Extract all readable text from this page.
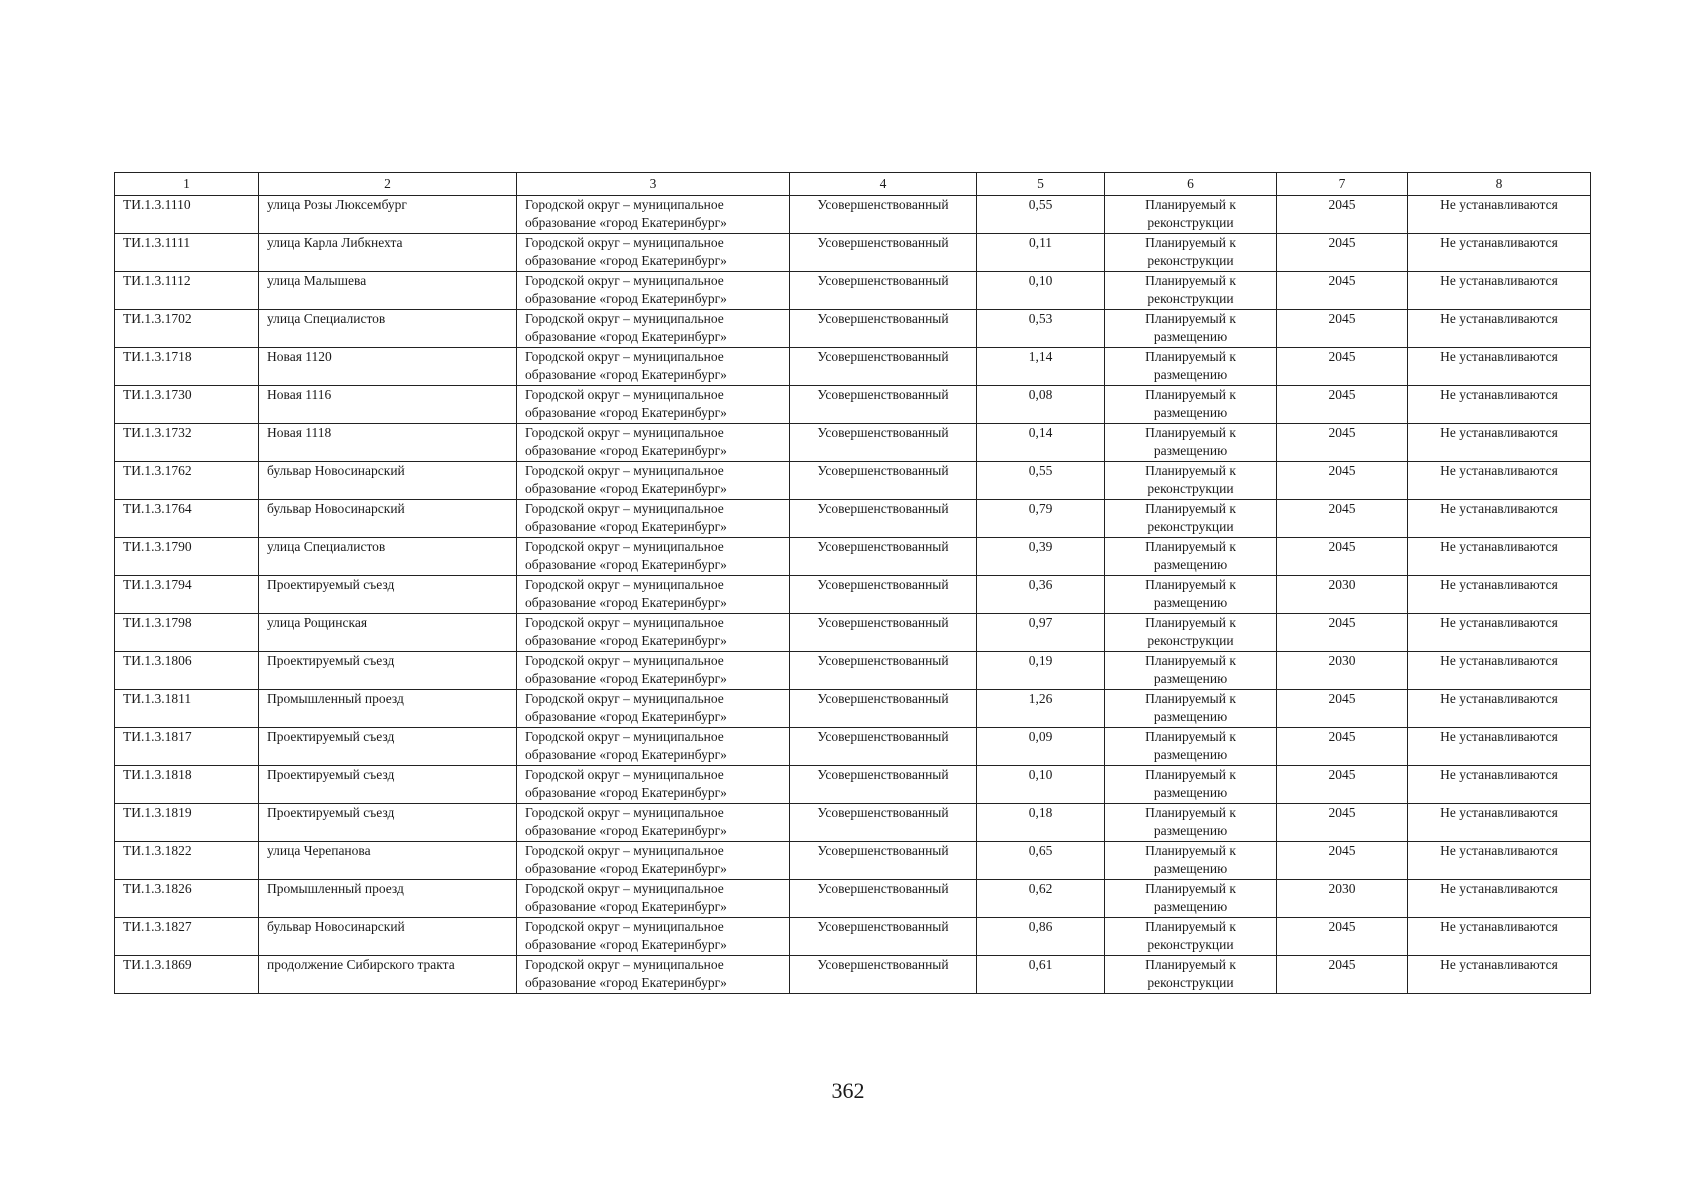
1	2	3	4	5	6	7	8
ТИ.1.3.1110	улица Розы Люксембург	Городской округ – муниципальное образование «город Екатеринбург»	Усовершенствованный	0,55	Планируемый к реконструкции	2045	Не устанавливаются
ТИ.1.3.1111	улица Карла Либкнехта	Городской округ – муниципальное образование «город Екатеринбург»	Усовершенствованный	0,11	Планируемый к реконструкции	2045	Не устанавливаются
ТИ.1.3.1112	улица Малышева	Городской округ – муниципальное образование «город Екатеринбург»	Усовершенствованный	0,10	Планируемый к реконструкции	2045	Не устанавливаются
ТИ.1.3.1702	улица Специалистов	Городской округ – муниципальное образование «город Екатеринбург»	Усовершенствованный	0,53	Планируемый к размещению	2045	Не устанавливаются
ТИ.1.3.1718	Новая 1120	Городской округ – муниципальное образование «город Екатеринбург»	Усовершенствованный	1,14	Планируемый к размещению	2045	Не устанавливаются
ТИ.1.3.1730	Новая 1116	Городской округ – муниципальное образование «город Екатеринбург»	Усовершенствованный	0,08	Планируемый к размещению	2045	Не устанавливаются
ТИ.1.3.1732	Новая 1118	Городской округ – муниципальное образование «город Екатеринбург»	Усовершенствованный	0,14	Планируемый к размещению	2045	Не устанавливаются
ТИ.1.3.1762	бульвар Новосинарский	Городской округ – муниципальное образование «город Екатеринбург»	Усовершенствованный	0,55	Планируемый к реконструкции	2045	Не устанавливаются
ТИ.1.3.1764	бульвар Новосинарский	Городской округ – муниципальное образование «город Екатеринбург»	Усовершенствованный	0,79	Планируемый к реконструкции	2045	Не устанавливаются
ТИ.1.3.1790	улица Специалистов	Городской округ – муниципальное образование «город Екатеринбург»	Усовершенствованный	0,39	Планируемый к размещению	2045	Не устанавливаются
ТИ.1.3.1794	Проектируемый съезд	Городской округ – муниципальное образование «город Екатеринбург»	Усовершенствованный	0,36	Планируемый к размещению	2030	Не устанавливаются
ТИ.1.3.1798	улица Рощинская	Городской округ – муниципальное образование «город Екатеринбург»	Усовершенствованный	0,97	Планируемый к реконструкции	2045	Не устанавливаются
ТИ.1.3.1806	Проектируемый съезд	Городской округ – муниципальное образование «город Екатеринбург»	Усовершенствованный	0,19	Планируемый к размещению	2030	Не устанавливаются
ТИ.1.3.1811	Промышленный проезд	Городской округ – муниципальное образование «город Екатеринбург»	Усовершенствованный	1,26	Планируемый к размещению	2045	Не устанавливаются
ТИ.1.3.1817	Проектируемый съезд	Городской округ – муниципальное образование «город Екатеринбург»	Усовершенствованный	0,09	Планируемый к размещению	2045	Не устанавливаются
ТИ.1.3.1818	Проектируемый съезд	Городской округ – муниципальное образование «город Екатеринбург»	Усовершенствованный	0,10	Планируемый к размещению	2045	Не устанавливаются
ТИ.1.3.1819	Проектируемый съезд	Городской округ – муниципальное образование «город Екатеринбург»	Усовершенствованный	0,18	Планируемый к размещению	2045	Не устанавливаются
ТИ.1.3.1822	улица Черепанова	Городской округ – муниципальное образование «город Екатеринбург»	Усовершенствованный	0,65	Планируемый к размещению	2045	Не устанавливаются
ТИ.1.3.1826	Промышленный проезд	Городской округ – муниципальное образование «город Екатеринбург»	Усовершенствованный	0,62	Планируемый к размещению	2030	Не устанавливаются
ТИ.1.3.1827	бульвар Новосинарский	Городской округ – муниципальное образование «город Екатеринбург»	Усовершенствованный	0,86	Планируемый к реконструкции	2045	Не устанавливаются
ТИ.1.3.1869	продолжение Сибирского тракта	Городской округ – муниципальное образование «город Екатеринбург»	Усовершенствованный	0,61	Планируемый к реконструкции	2045	Не устанавливаются
362
